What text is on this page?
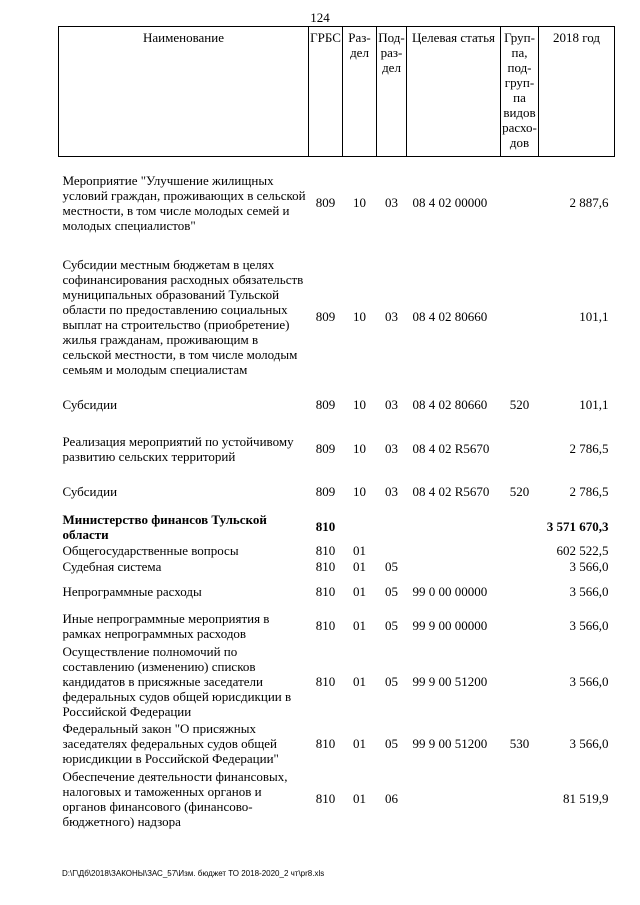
124
Наименование	ГРБС	Раз-дел	Под-раз-дел	Целевая статья	Груп-па, под-груп-па видов расхо-дов	2018 год
Мероприятие "Улучшение жилищных условий граждан, проживающих в сельской местности, в том числе молодых семей и молодых специалистов"	809	10	03	08 4 02 00000		2 887,6
Субсидии местным бюджетам в целях софинансирования расходных обязательств муниципальных образований Тульской области по предоставлению социальных выплат на строительство (приобретение) жилья гражданам, проживающим в сельской местности, в том числе молодым семьям и молодым специалистам	809	10	03	08 4 02 80660		101,1
Субсидии	809	10	03	08 4 02 80660	520	101,1
Реализация мероприятий по устойчивому развитию сельских территорий	809	10	03	08 4 02 R5670		2 786,5
Субсидии	809	10	03	08 4 02 R5670	520	2 786,5
Министерство финансов Тульской области	810					3 571 670,3
Общегосударственные вопросы	810	01				602 522,5
Судебная система	810	01	05			3 566,0
Непрограммные расходы	810	01	05	99 0 00 00000		3 566,0
Иные непрограммные мероприятия в рамках непрограммных расходов	810	01	05	99 9 00 00000		3 566,0
Осуществление полномочий по составлению (изменению) списков кандидатов в присяжные заседатели федеральных судов общей юрисдикции в Российской Федерации	810	01	05	99 9 00 51200		3 566,0
Федеральный закон "О присяжных заседателях федеральных судов общей юрисдикции в Российской Федерации"	810	01	05	99 9 00 51200	530	3 566,0
Обеспечение деятельности финансовых, налоговых и таможенных органов и органов финансового (финансово-бюджетного) надзора	810	01	06			81 519,9
D:\Г\Дб\2018\ЗАКОНЫ\ЗАС_57\Изм. бюджет ТО 2018-2020_2 чт\pr8.xls
